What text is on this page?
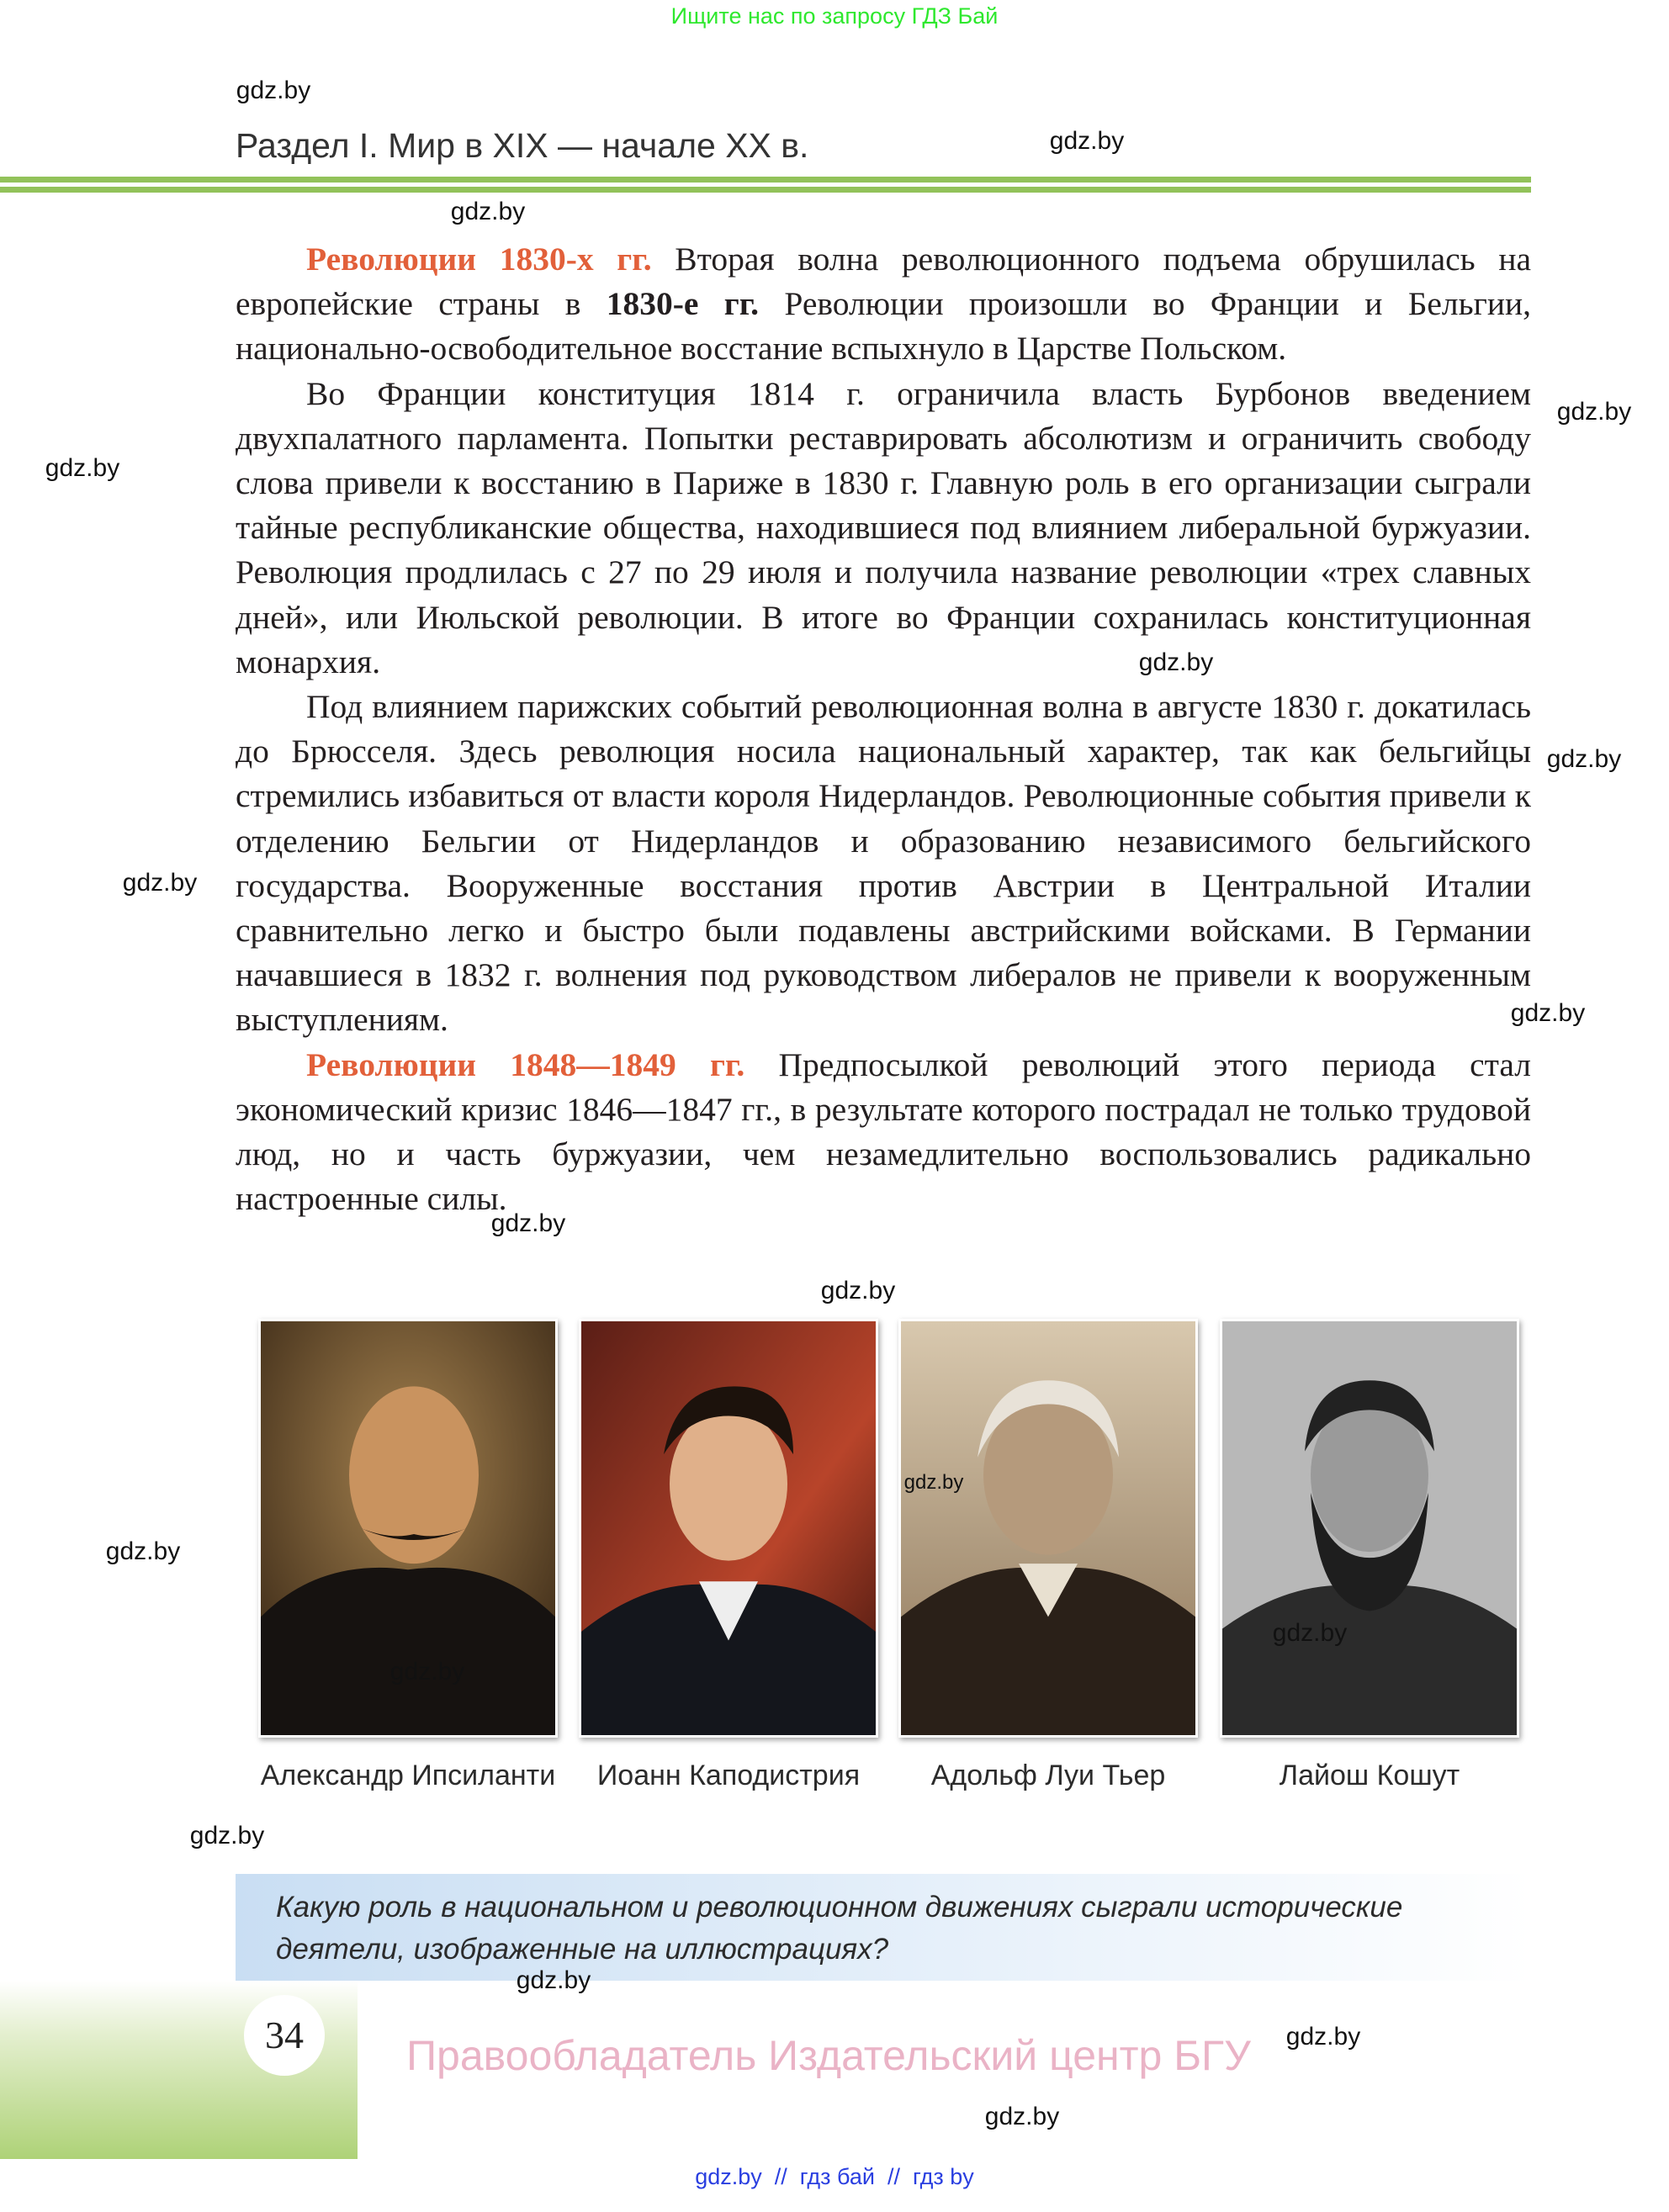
Ищите нас по запросу ГДЗ Бай
gdz.by
gdz.by
gdz.by
gdz.by
gdz.by
gdz.by
gdz.by
gdz.by
gdz.by
gdz.by
gdz.by
gdz.by
gdz.by
gdz.by
gdz.by
gdz.by
Раздел I. Мир в XIX — начале XX в.

Революции 1830-х гг. Вторая волна революционного подъема обрушилась на европейские страны в 1830-е гг. Революции произошли во Франции и Бельгии, национально-освободительное восстание вспыхнуло в Царстве Польском.

Во Франции конституция 1814 г. ограничила власть Бурбонов введением двухпалатного парламента. Попытки реставрировать абсолютизм и ограничить свободу слова привели к восстанию в Париже в 1830 г. Главную роль в его организации сыграли тайные республиканские общества, находившиеся под влиянием либеральной буржуазии. Революция продлилась с 27 по 29 июля и получила название революции «трех славных дней», или Июльской революции. В итоге во Франции сохранилась конституционная монархия.

Под влиянием парижских событий революционная волна в августе 1830 г. докатилась до Брюсселя. Здесь революция носила национальный характер, так как бельгийцы стремились избавиться от власти короля Нидерландов. Революционные события привели к отделению Бельгии от Нидерландов и образованию независимого бельгийского государства. Вооруженные восстания против Австрии в Центральной Италии сравнительно легко и быстро были подавлены австрийскими войсками. В Германии начавшиеся в 1832 г. волнения под руководством либералов не привели к вооруженным выступлениям.

Революции 1848—1849 гг. Предпосылкой революций этого периода стал экономический кризис 1846—1847 гг., в результате которого пострадал не только трудовой люд, но и часть буржуазии, чем незамедлительно воспользовались радикально настроенные силы.

gdz.by
gdz.by
gdz.by
Александр Ипсиланти	Иоанн Каподистрия	Адольф Луи Тьер	Лайош Кошут
Какую роль в национальном и революционном движениях сыграли исторические деятели, изображенные на иллюстрациях?
34	Правообладатель Издательский центр БГУ
gdz.by  //  гдз бай  //  гдз by
